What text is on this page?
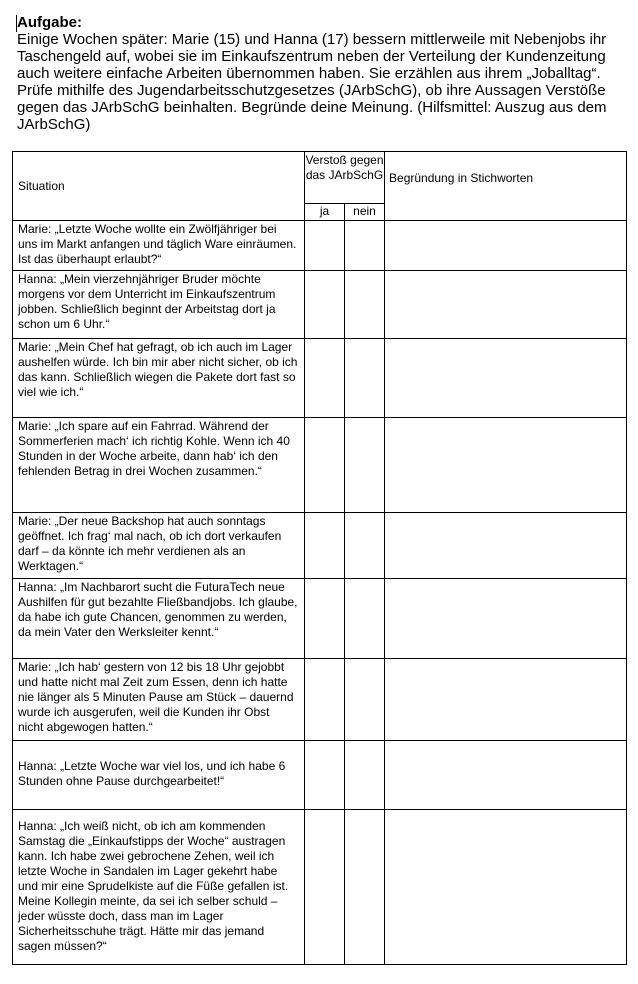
Aufgabe:
Einige Wochen später: Marie (15) und Hanna (17) bessern mittlerweile mit Nebenjobs ihr Taschengeld auf, wobei sie im Einkaufszentrum neben der Verteilung der Kundenzeitung auch weitere einfache Arbeiten übernommen haben. Sie erzählen aus ihrem „Joballtag“. Prüfe mithilfe des Jugendarbeitsschutzgesetzes (JArbSchG), ob ihre Aussagen Verstöße gegen das JArbSchG beinhalten. Begründe deine Meinung. (Hilfsmittel: Auszug aus dem JArbSchG)
Situation	Verstoß gegen das JArbSchG		Begründung in Stichworten
	ja	nein	

Marie: „Letzte Woche wollte ein Zwölfjähriger bei uns im Markt anfangen und täglich Ware einräumen. Ist das überhaupt erlaubt?“			

Hanna: „Mein vierzehnjähriger Bruder möchte morgens vor dem Unterricht im Einkaufszentrum jobben. Schließlich beginnt der Arbeitstag dort ja schon um 6 Uhr.“			

Marie: „Mein Chef hat gefragt, ob ich auch im Lager aushelfen würde. Ich bin mir aber nicht sicher, ob ich das kann. Schließlich wiegen die Pakete dort fast so viel wie ich.“			

Marie: „Ich spare auf ein Fahrrad. Während der Sommerferien mach‘ ich richtig Kohle. Wenn ich 40 Stunden in der Woche arbeite, dann hab‘ ich den fehlenden Betrag in drei Wochen zusammen.“			

Marie: „Der neue Backshop hat auch sonntags geöffnet. Ich frag‘ mal nach, ob ich dort verkaufen darf – da könnte ich mehr verdienen als an Werktagen.“			

Hanna: „Im Nachbarort sucht die FuturaTech neue Aushilfen für gut bezahlte Fließbandjobs. Ich glaube, da habe ich gute Chancen, genommen zu werden, da mein Vater den Werksleiter kennt.“			

Marie: „Ich hab‘ gestern von 12 bis 18 Uhr gejobbt und hatte nicht mal Zeit zum Essen, denn ich hatte nie länger als 5 Minuten Pause am Stück – dauernd wurde ich ausgerufen, weil die Kunden ihr Obst nicht abgewogen hatten.“			

Hanna: „Letzte Woche war viel los, und ich habe 6 Stunden ohne Pause durchgearbeitet!“			

Hanna: „Ich weiß nicht, ob ich am kommenden Samstag die „Einkaufstipps der Woche“ austragen kann. Ich habe zwei gebrochene Zehen, weil ich letzte Woche in Sandalen im Lager gekehrt habe und mir eine Sprudelkiste auf die Füße gefallen ist. Meine Kollegin meinte, da sei ich selber schuld – jeder wüsste doch, dass man im Lager Sicherheitsschuhe trägt. Hätte mir das jemand sagen müssen?“			
